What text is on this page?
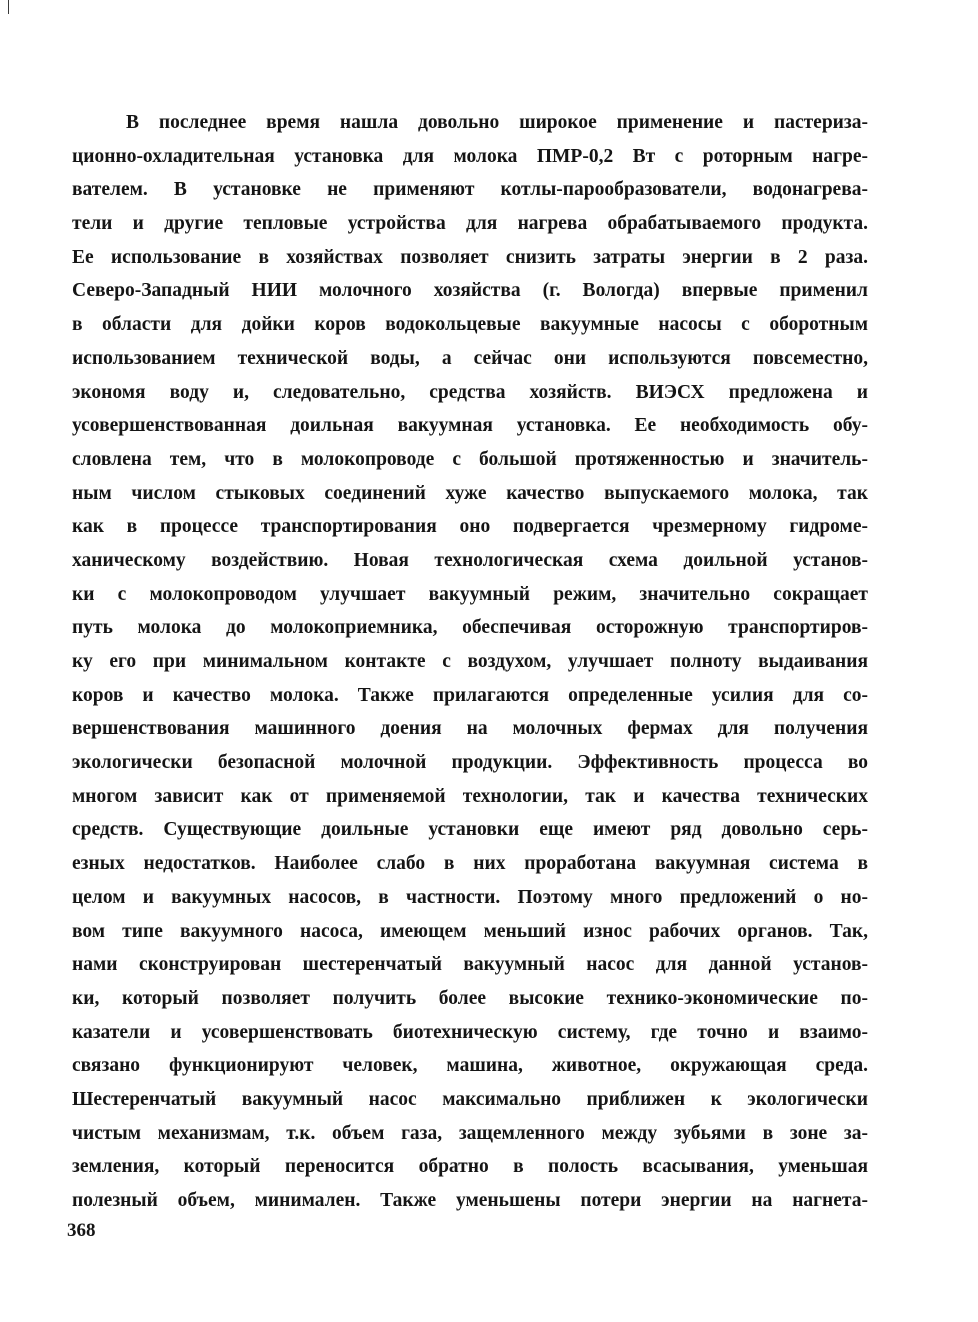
В последнее время нашла довольно широкое применение и пастериза-
ционно-охладительная установка для молока ПМР-0,2 Вт с роторным нагре-
вателем. В установке не применяют котлы-парообразователи, водонагрева-
тели и другие тепловые устройства для нагрева обрабатываемого продукта.
Ее использование в хозяйствах позволяет снизить затраты энергии в 2 раза.
Северо-Западный НИИ молочного хозяйства (г. Вологда) впервые применил
в области для дойки коров водокольцевые вакуумные насосы с оборотным
использованием технической воды, а сейчас они используются повсеместно,
экономя воду и, следовательно, средства хозяйств. ВИЭСХ предложена и
усовершенствованная доильная вакуумная установка. Ее необходимость обу-
словлена тем, что в молокопроводе с большой протяженностью и значитель-
ным числом стыковых соединений хуже качество выпускаемого молока, так
как в процессе транспортирования оно подвергается чрезмерному гидроме-
ханическому воздействию. Новая технологическая схема доильной установ-
ки с молокопроводом улучшает вакуумный режим, значительно сокращает
путь молока до молокоприемника, обеспечивая осторожную транспортиров-
ку его при минимальном контакте с воздухом, улучшает полноту выдаивания
коров и качество молока. Также прилагаются определенные усилия для со-
вершенствования машинного доения на молочных фермах для получения
экологически безопасной молочной продукции. Эффективность процесса во
многом зависит как от применяемой технологии, так и качества технических
средств. Существующие доильные установки еще имеют ряд довольно серь-
езных недостатков. Наиболее слабо в них проработана вакуумная система в
целом и вакуумных насосов, в частности. Поэтому много предложений о но-
вом типе вакуумного насоса, имеющем меньший износ рабочих органов. Так,
нами сконструирован шестеренчатый вакуумный насос для данной установ-
ки, который позволяет получить более высокие технико-экономические по-
казатели и усовершенствовать биотехническую систему, где точно и взаимо-
связано функционируют человек, машина, животное, окружающая среда.
Шестеренчатый вакуумный насос максимально приближен к экологически
чистым механизмам, т.к. объем газа, защемленного между зубьями в зоне за-
земления, который переносится обратно в полость всасывания, уменьшая
полезный объем, минимален. Также уменьшены потери энергии на нагнета-
368
